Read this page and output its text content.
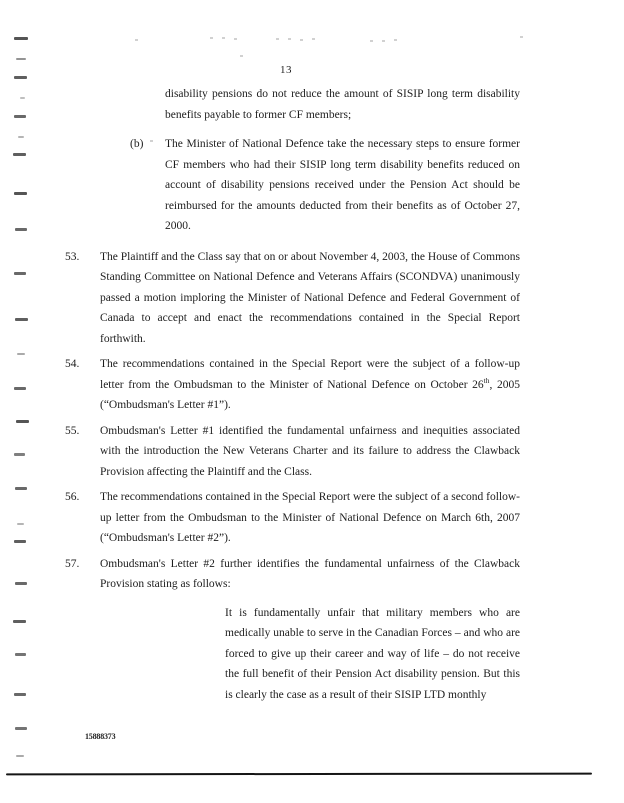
13
disability pensions do not reduce the amount of SISIP long term disability benefits payable to former CF members;
(b)	The Minister of National Defence take the necessary steps to ensure former CF members who had their SISIP long term disability benefits reduced on account of disability pensions received under the Pension Act should be reimbursed for the amounts deducted from their benefits as of October 27, 2000.
53.	The Plaintiff and the Class say that on or about November 4, 2003, the House of Commons Standing Committee on National Defence and Veterans Affairs (SCONDVA) unanimously passed a motion imploring the Minister of National Defence and Federal Government of Canada to accept and enact the recommendations contained in the Special Report forthwith.
54.	The recommendations contained in the Special Report were the subject of a follow-up letter from the Ombudsman to the Minister of National Defence on October 26th, 2005 (“Ombudsman's Letter #1”).
55.	Ombudsman's Letter #1 identified the fundamental unfairness and inequities associated with the introduction the New Veterans Charter and its failure to address the Clawback Provision affecting the Plaintiff and the Class.
56.	The recommendations contained in the Special Report were the subject of a second follow-up letter from the Ombudsman to the Minister of National Defence on March 6th, 2007 (“Ombudsman's Letter #2”).
57.	Ombudsman's Letter #2 further identifies the fundamental unfairness of the Clawback Provision stating as follows:
It is fundamentally unfair that military members who are medically unable to serve in the Canadian Forces – and who are forced to give up their career and way of life – do not receive the full benefit of their Pension Act disability pension. But this is clearly the case as a result of their SISIP LTD monthly
15888373
